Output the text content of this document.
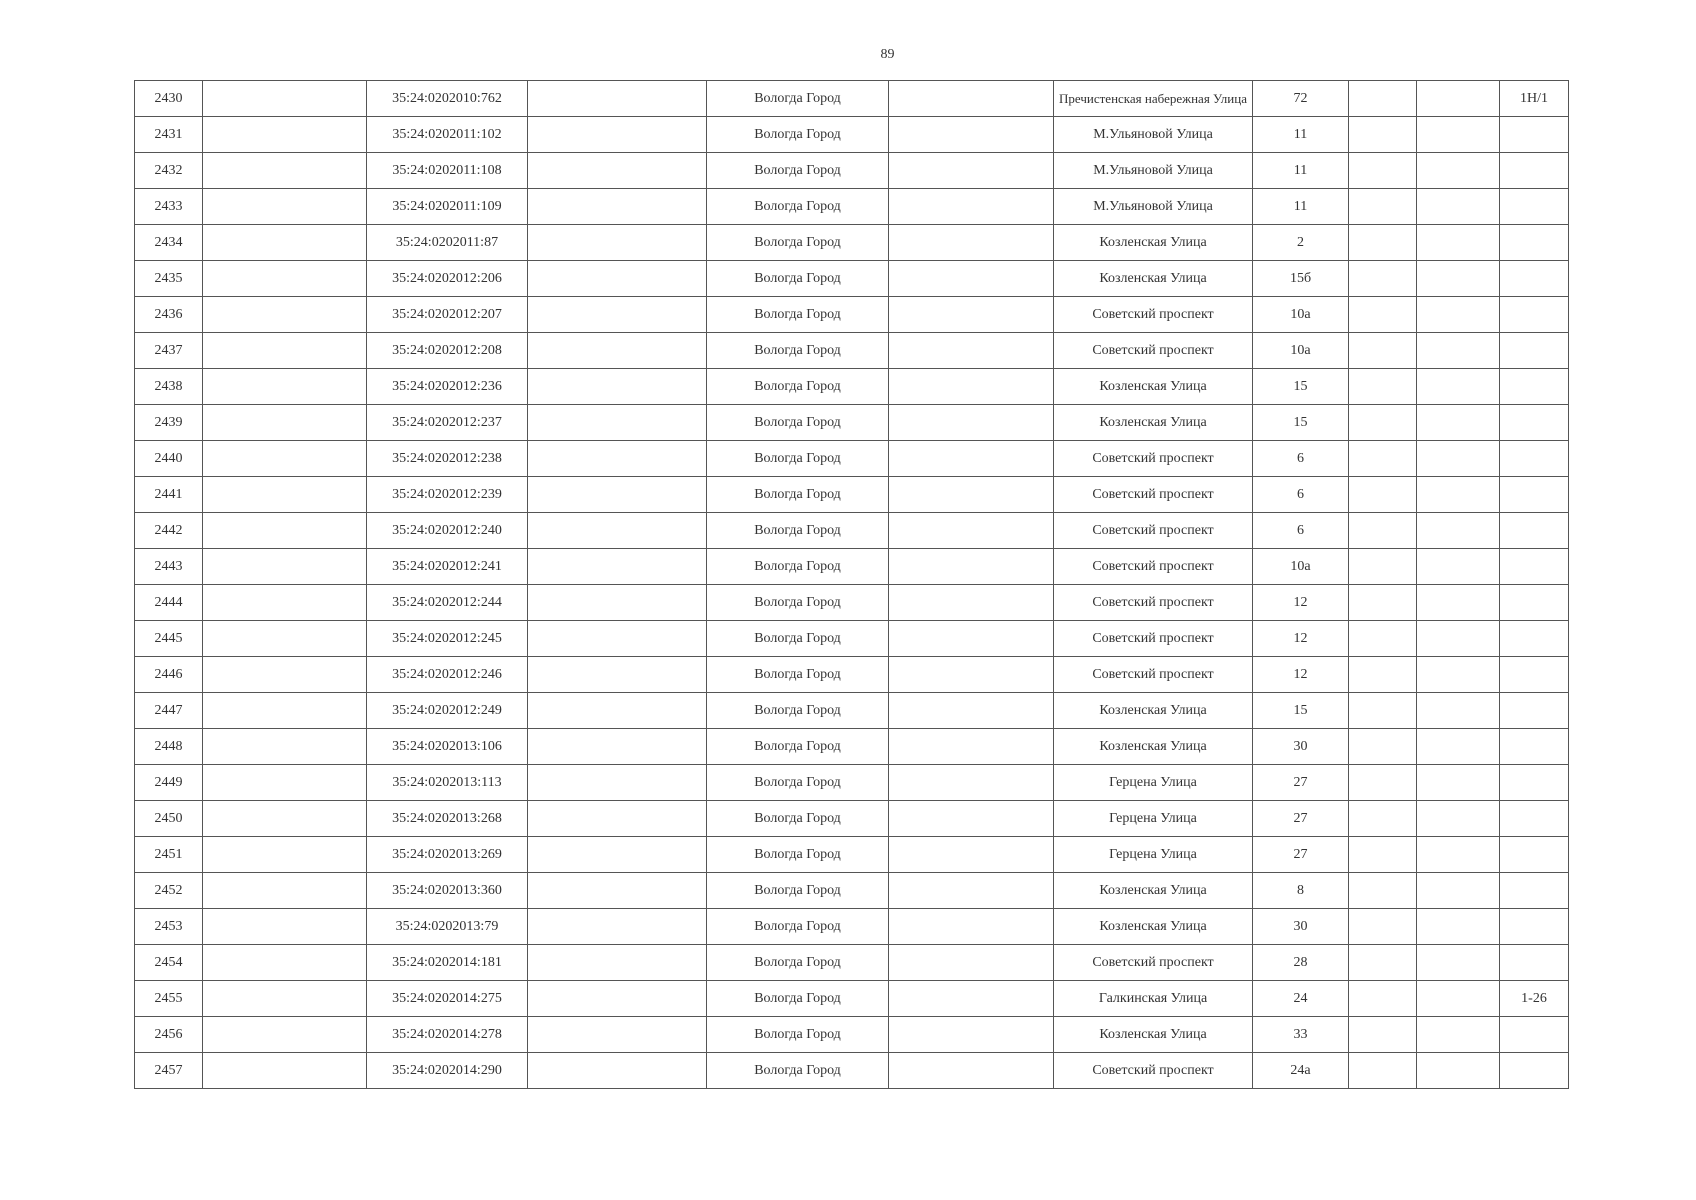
89
2430		35:24:0202010:762		Вологда Город		Пречистенская набережная Улица	72			1Н/1
2431		35:24:0202011:102		Вологда Город		М.Ульяновой Улица	11			
2432		35:24:0202011:108		Вологда Город		М.Ульяновой Улица	11			
2433		35:24:0202011:109		Вологда Город		М.Ульяновой Улица	11			
2434		35:24:0202011:87		Вологда Город		Козленская Улица	2			
2435		35:24:0202012:206		Вологда Город		Козленская Улица	15б			
2436		35:24:0202012:207		Вологда Город		Советский проспект	10а			
2437		35:24:0202012:208		Вологда Город		Советский проспект	10а			
2438		35:24:0202012:236		Вологда Город		Козленская Улица	15			
2439		35:24:0202012:237		Вологда Город		Козленская Улица	15			
2440		35:24:0202012:238		Вологда Город		Советский проспект	6			
2441		35:24:0202012:239		Вологда Город		Советский проспект	6			
2442		35:24:0202012:240		Вологда Город		Советский проспект	6			
2443		35:24:0202012:241		Вологда Город		Советский проспект	10а			
2444		35:24:0202012:244		Вологда Город		Советский проспект	12			
2445		35:24:0202012:245		Вологда Город		Советский проспект	12			
2446		35:24:0202012:246		Вологда Город		Советский проспект	12			
2447		35:24:0202012:249		Вологда Город		Козленская Улица	15			
2448		35:24:0202013:106		Вологда Город		Козленская Улица	30			
2449		35:24:0202013:113		Вологда Город		Герцена Улица	27			
2450		35:24:0202013:268		Вологда Город		Герцена Улица	27			
2451		35:24:0202013:269		Вологда Город		Герцена Улица	27			
2452		35:24:0202013:360		Вологда Город		Козленская Улица	8			
2453		35:24:0202013:79		Вологда Город		Козленская Улица	30			
2454		35:24:0202014:181		Вологда Город		Советский проспект	28			
2455		35:24:0202014:275		Вологда Город		Галкинская Улица	24			1-26
2456		35:24:0202014:278		Вологда Город		Козленская Улица	33			
2457		35:24:0202014:290		Вологда Город		Советский проспект	24а			
